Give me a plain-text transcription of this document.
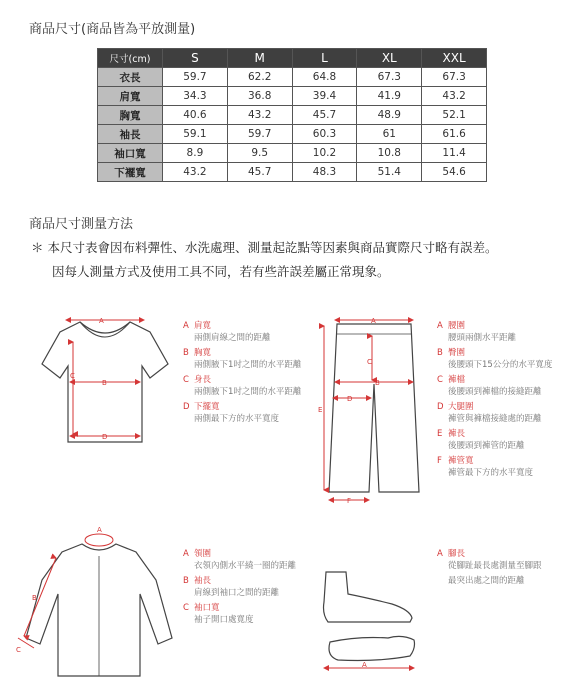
商品尺寸(商品皆為平放測量)
尺寸(cm)	S	M	L	XL	XXL
衣長	59.7	62.2	64.8	67.3	67.3
肩寬	34.3	36.8	39.4	41.9	43.2
胸寬	40.6	43.2	45.7	48.9	52.1
袖長	59.1	59.7	60.3	61	61.6
袖口寬	8.9	9.5	10.2	10.8	11.4
下襬寬	43.2	45.7	48.3	51.4	54.6
商品尺寸測量方法
＊ 本尺寸表會因布料彈性、水洗處理、測量起訖點等因素與商品實際尺寸略有誤差。
因每人測量方式及使用工具不同，若有些許誤差屬正常現象。
A
B
C
D
A 肩寬
兩側肩線之間的距離
B 胸寬
兩側腋下1吋之間的水平距離
C 身長
兩側腋下1吋之間的水平距離
D 下擺寬
兩側最下方的水平寬度
A
B
C
D
E
F
A 腰圍
腰頭兩側水平距離
B 臀圍
後腰頭下15公分的水平寬度
C 褲檔
後腰頭到褲檔的接縫距離
D 大腿圍
褲管與褲檔接縫處的距離
E 褲長
後腰頭到褲管的距離
F 褲管寬
褲管最下方的水平寬度
A
B
C
A 領圍
衣領內側水平繞一圈的距離
B 袖長
肩線到袖口之間的距離
C 袖口寬
袖子開口處寬度
A
A 腳長
從腳趾最長處測量至腳跟
最突出處之間的距離
